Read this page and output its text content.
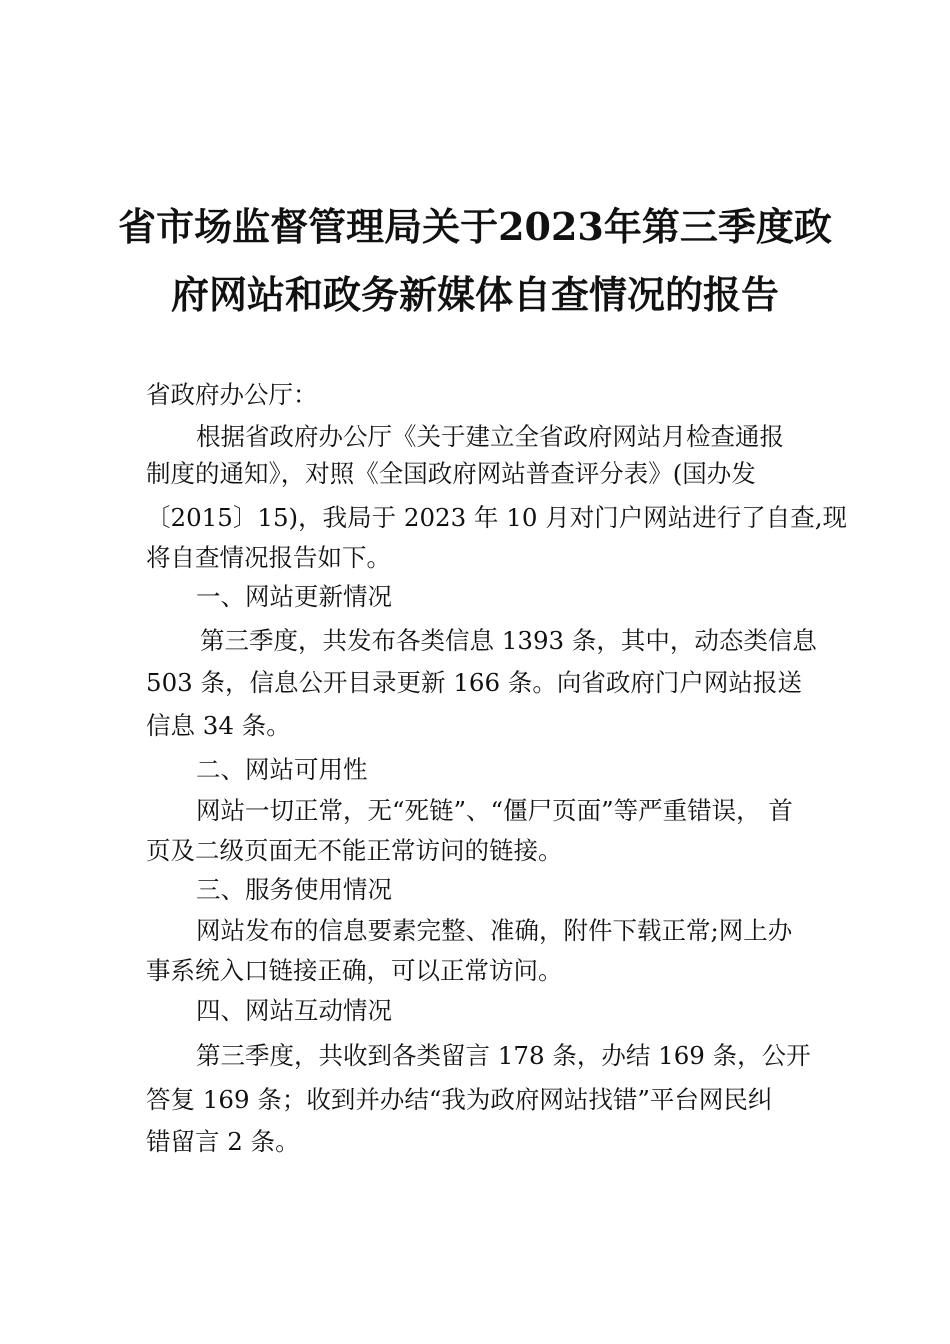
省市场监督管理局关于2023年第三季度政
府网站和政务新媒体自查情况的报告
省政府办公厅：
根据省政府办公厅《关于建立全省政府网站月检查通报
制度的通知》，对照《全国政府网站普查评分表》(国办发
〔2015〕15)，我局于 2023 年 10 月对门户网站进行了自查,现
将自查情况报告如下。
一、网站更新情况
第三季度，共发布各类信息 1393 条，其中，动态类信息
503 条，信息公开目录更新 166 条。向省政府门户网站报送
信息 34 条。
二、网站可用性
网站一切正常，无“死链”、“僵尸页面”等严重错误， 首
页及二级页面无不能正常访问的链接。
三、服务使用情况
网站发布的信息要素完整、准确，附件下载正常;网上办
事系统入口链接正确，可以正常访问。
四、网站互动情况
第三季度，共收到各类留言 178 条，办结 169 条，公开
答复 169 条；收到并办结“我为政府网站找错”平台网民纠
错留言 2 条。
